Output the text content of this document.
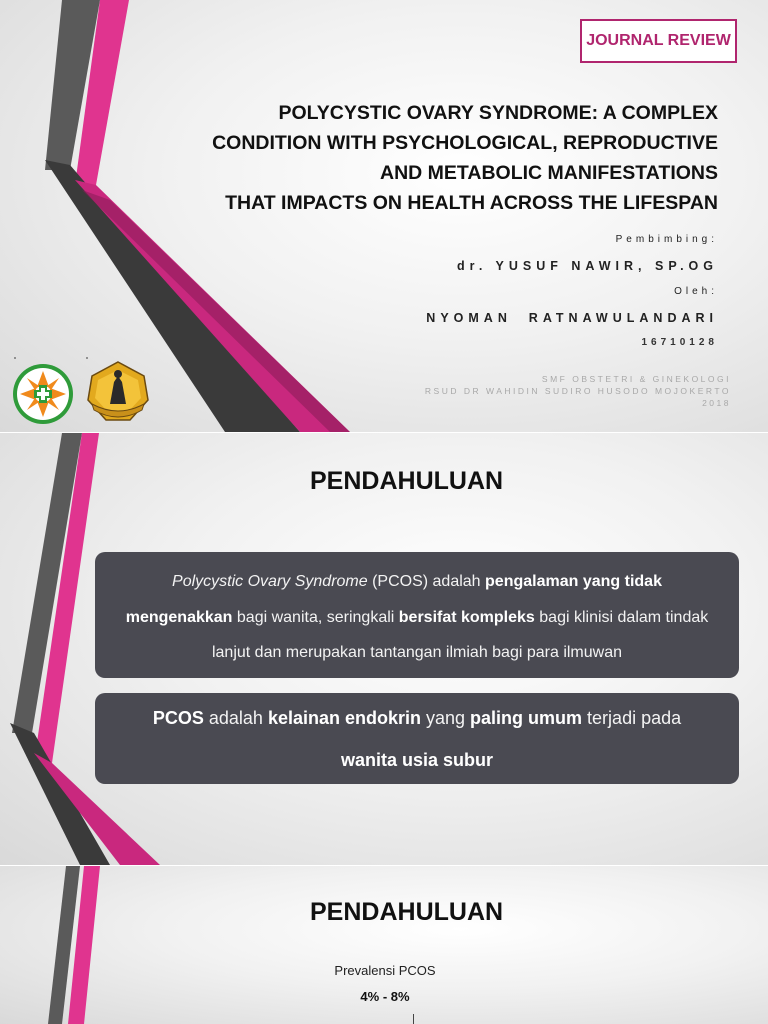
JOURNAL REVIEW
POLYCYSTIC OVARY SYNDROME: A COMPLEX
CONDITION WITH PSYCHOLOGICAL, REPRODUCTIVE
AND METABOLIC MANIFESTATIONS
THAT IMPACTS ON HEALTH ACROSS THE LIFESPAN
Pembimbing:
dr. YUSUF NAWIR, SP.OG
Oleh:
NYOMAN  RATNAWULANDARI
16710128
SMF OBSTETRI & GINEKOLOGI
RSUD DR WAHIDIN SUDIRO HUSODO MOJOKERTO
2018
PENDAHULUAN
Polycystic Ovary Syndrome (PCOS) adalah pengalaman yang tidak
mengenakkan bagi wanita, seringkali bersifat kompleks bagi klinisi dalam tindak
lanjut dan merupakan tantangan ilmiah bagi para ilmuwan
PCOS adalah kelainan endokrin yang paling umum terjadi pada
wanita usia subur
PENDAHULUAN
Prevalensi PCOS
4% - 8%
